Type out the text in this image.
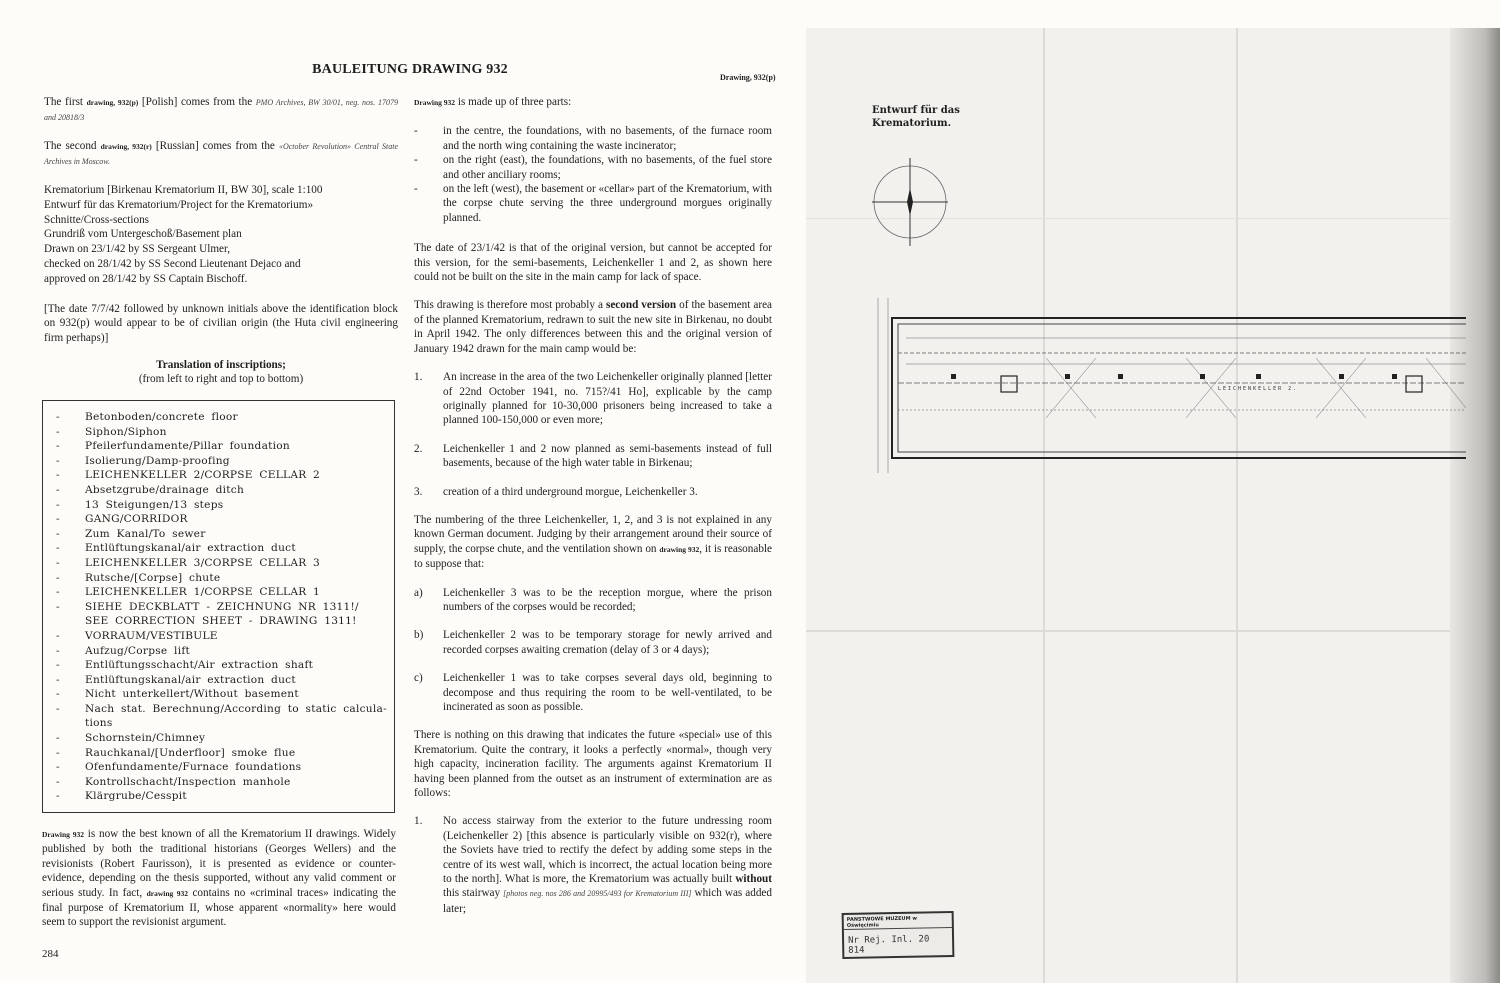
BAULEITUNG DRAWING 932
Drawing, 932(p)

The first drawing, 932(p) [Polish] comes from the PMO Archives, BW 30/01, neg. nos. 17079 and 20818/3

The second drawing, 932(r) [Russian] comes from the «October Revolution» Central State Archives in Moscow.

Krematorium [Birkenau Krematorium II, BW 30], scale 1:100
Entwurf für das Krematorium/Project for the Krematorium»
Schnitte/Cross-sections
Grundriß vom Untergeschoß/Basement plan
Drawn on 23/1/42 by SS Sergeant Ulmer,
checked on 28/1/42 by SS Second Lieutenant Dejaco and
approved on 28/1/42 by SS Captain Bischoff.

[The date 7/7/42 followed by unknown initials above the identification block on 932(p) would appear to be of civilian origin (the Huta civil engineering firm perhaps)]

Translation of inscriptions;
(from left to right and top to bottom)
- Betonboden/concrete floor
- Siphon/Siphon
- Pfeilerfundamente/Pillar foundation
- Isolierung/Damp-proofing
- LEICHENKELLER 2/CORPSE CELLAR 2
- Absetzgrube/drainage ditch
- 13 Steigungen/13 steps
- GANG/CORRIDOR
- Zum Kanal/To sewer
- Entlüftungskanal/air extraction duct
- LEICHENKELLER 3/CORPSE CELLAR 3
- Rutsche/[Corpse] chute
- LEICHENKELLER 1/CORPSE CELLAR 1
- SIEHE DECKBLATT - ZEICHNUNG NR 1311!/
SEE CORRECTION SHEET - DRAWING 1311!
- VORRAUM/VESTIBULE
- Aufzug/Corpse lift
- Entlüftungsschacht/Air extraction shaft
- Entlüftungskanal/air extraction duct
- Nicht unterkellert/Without basement
- Nach stat. Berechnung/According to static calcula-
tions
- Schornstein/Chimney
- Rauchkanal/[Underfloor] smoke flue
- Ofenfundamente/Furnace foundations
- Kontrollschacht/Inspection manhole
- Klärgrube/Cesspit
Drawing 932 is now the best known of all the Krematorium II drawings. Widely published by both the traditional historians (Georges Wellers) and the revisionists (Robert Faurisson), it is presented as evidence or counter-evidence, depending on the thesis supported, without any valid comment or serious study. In fact, drawing 932 contains no «criminal traces» indicating the final purpose of Krematorium II, whose apparent «normality» here would seem to support the revisionist argument.
284

Drawing 932 is made up of three parts:

- in the centre, the foundations, with no basements, of the furnace room and the north wing containing the waste incinerator;
- on the right (east), the foundations, with no basements, of the fuel store and other anciliary rooms;
- on the left (west), the basement or «cellar» part of the Krematorium, with the corpse chute serving the three underground morgues originally planned.

The date of 23/1/42 is that of the original version, but cannot be accepted for this version, for the semi-basements, Leichenkeller 1 and 2, as shown here could not be built on the site in the main camp for lack of space.

This drawing is therefore most probably a second version of the basement area of the planned Krematorium, redrawn to suit the new site in Birkenau, no doubt in April 1942. The only differences between this and the original version of January 1942 drawn for the main camp would be:

1. An increase in the area of the two Leichenkeller originally planned [letter of 22nd October 1941, no. 715?/41 Ho], explicable by the camp originally planned for 10-30,000 prisoners being increased to take a planned 100-150,000 or even more;
2. Leichenkeller 1 and 2 now planned as semi-basements instead of full basements, because of the high water table in Birkenau;
3. creation of a third underground morgue, Leichenkeller 3.

The numbering of the three Leichenkeller, 1, 2, and 3 is not explained in any known German document. Judging by their arrangement around their source of supply, the corpse chute, and the ventilation shown on drawing 932, it is reasonable to suppose that:

a) Leichenkeller 3 was to be the reception morgue, where the prison numbers of the corpses would be recorded;
b) Leichenkeller 2 was to be temporary storage for newly arrived and recorded corpses awaiting cremation (delay of 3 or 4 days);
c) Leichenkeller 1 was to take corpses several days old, beginning to decompose and thus requiring the room to be well-ventilated, to be incinerated as soon as possible.

There is nothing on this drawing that indicates the future «special» use of this Krematorium. Quite the contrary, it looks a perfectly «normal», though very high capacity, incineration facility. The arguments against Krematorium II having been planned from the outset as an instrument of extermination are as follows:

1. No access stairway from the exterior to the future undressing room (Leichenkeller 2) [this absence is particularly visible on 932(r), where the Soviets have tried to rectify the defect by adding some steps in the centre of its west wall, which is incorrect, the actual location being more to the north]. What is more, the Krematorium was actually built without this stairway [photos neg. nos 286 and 20995/493 for Krematorium III] which was added later;
Entwurf für das
Krematorium.
LEICHENKELLER 2.
PANSTWOWE MUZEUM w Oświęcimiu
Nr Rej. Inl. 20 814
